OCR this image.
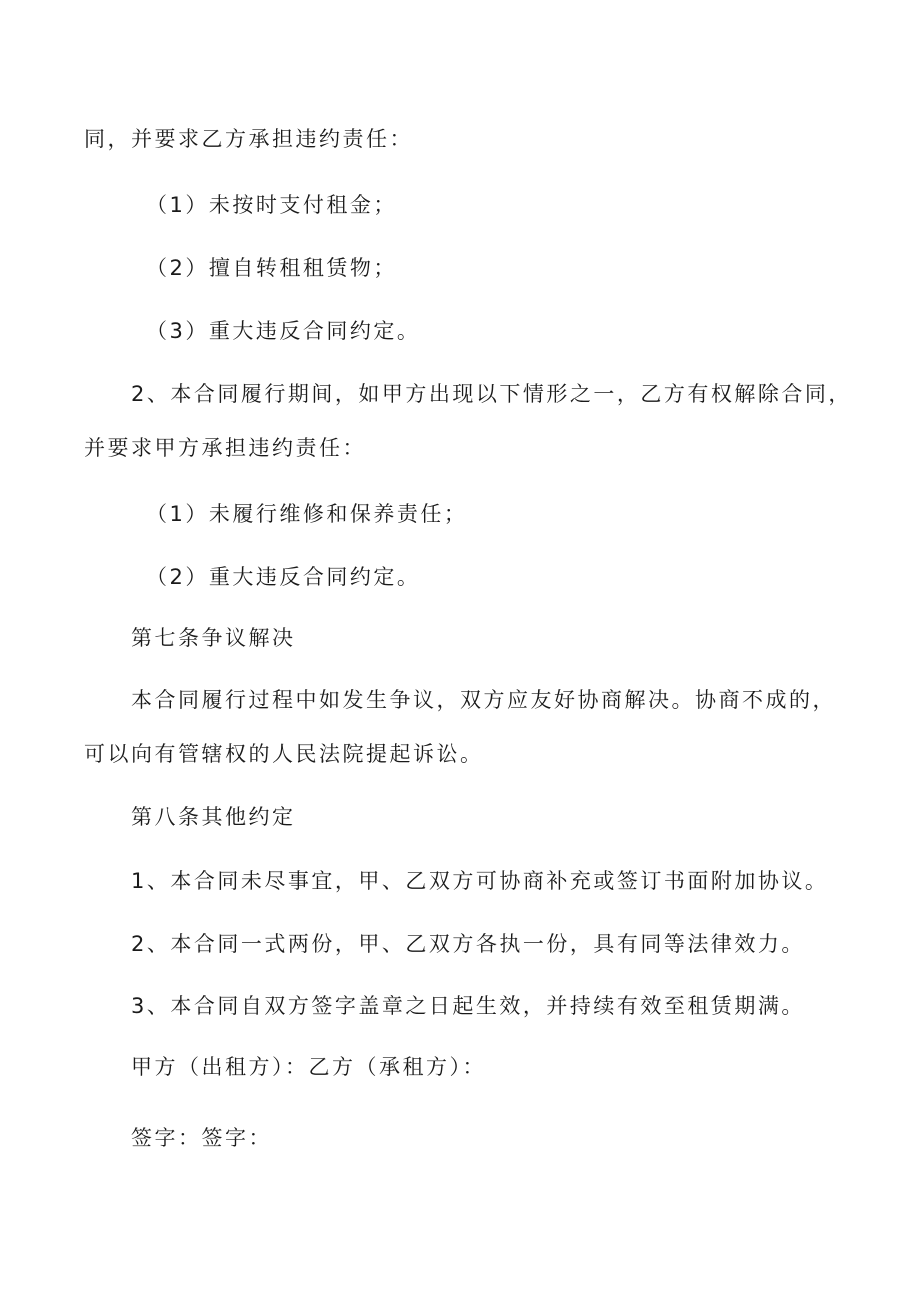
同，并要求乙方承担违约责任：
（1）未按时支付租金；
（2）擅自转租租赁物；
（3）重大违反合同约定。
2、本合同履行期间，如甲方出现以下情形之一，乙方有权解除合同，
并要求甲方承担违约责任：
（1）未履行维修和保养责任；
（2）重大违反合同约定。
第七条争议解决
本合同履行过程中如发生争议，双方应友好协商解决。协商不成的，
可以向有管辖权的人民法院提起诉讼。
第八条其他约定
1、本合同未尽事宜，甲、乙双方可协商补充或签订书面附加协议。
2、本合同一式两份，甲、乙双方各执一份，具有同等法律效力。
3、本合同自双方签字盖章之日起生效，并持续有效至租赁期满。
甲方（出租方）：乙方（承租方）：
签字：签字：
